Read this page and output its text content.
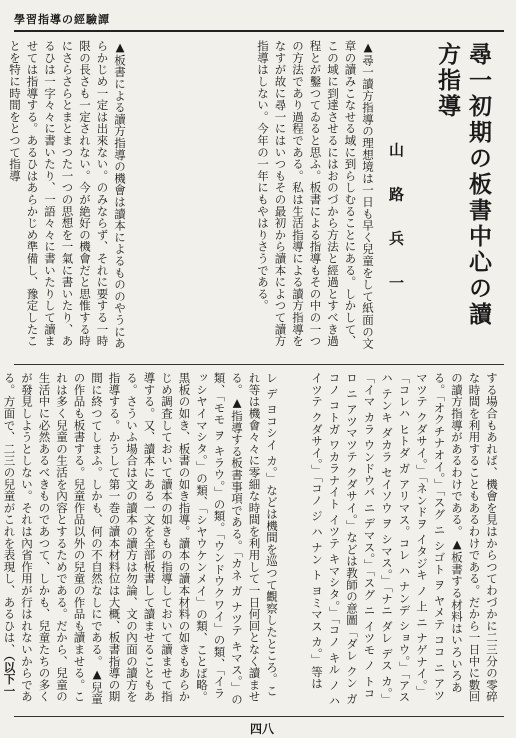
學習指導の經驗譚
尋一初期の板書中心の讀方指導
山 路 兵 一
▲尋一讀方指導の理想境は一日も早く兒童をして紙面の文章の讀みこなせる域に到らしむることにある。しかして、この域に到達させるにはおのづから方法と經過とすべき過程とが鑿つてゐると思ふ。板書による指導もその中の一つの方法であり過程である。私は生活指導による讀方指導をなすが故に尋一にはいつもその最初から讀本によつて讀方指導はしない。今年の一年にもやはりさうである。
▲板書による讀方指導の機會は讀本によるもののやうにあらかじめ一定は出來ない。のみならず、それに要する一時限の長さも一定されない。今が絶好の機會だと思惟する時にさらさらとまとまつた一つの思想を一氣に書いたり、あるひは一字々々に書いたり、一語々々に書いたりして讀ませては指導する。あるひはあらかじめ準備し、豫定したことを特に時間をとつて指導
する場合もあれば、機會を見はからつてわづかに二三分の零碎な時間を利用することもあるわけである。だから一日中に數回の讀方指導があるわけである。▲板書する材料はいろいろある。「オクチナオイ。」「スグ ニ シゴト ヲ ヤメテ ココ ニ アツマツテ クダサイ。」「ネンドヲ イタジキ ノ 上 ニ ナゲナイ。」「コレハ ヒトダ ガ アリマス。コレ ハ ナンデ ショウ。」「アスハ テンキ ダカラ セイソウ ヲ シマス。」「ナニ ダレ デス カ。」「イマ カラ ウンドウバ ニ デマス。」「スグ ニ イツモ ノ トコロ ニ アツマツテ クダサイ。」などは教師の意圖「ダレ クン ガ コノ コトガ ワカラナイト イツテ キマシタ。」「コノ キル ノ ハ イツテ クダサイ。」「コノ ジ ハ ナン ト ヨミマス カ。」等は
レ デ ヨコシイ カ。」などは機間を巡つて觀察したところ。これ等は機會々々に零細な時間を利用して一日何回となく讀ませる。▲指導する板書事項である。「カネ ガ ナツテ キマス。」の類、「モモ ヲ キラウ。」の類。「ウンドウクワイ」の類、「イラッシヤイマシタ。」の類、「シヤウケンメイ」の類、ことば略。黒板の如き、板書の如き指導。讀本の讀本材料の如きもあらかじめ調査しておいて讀本の如きもの指導しておいて讀ませて指導する。又、讀本にある一文を全部板書して讀ませることもある。さういふ場合は文の讀本の讀方は勿論、文の內面の讀方を指導する。かうして第一巻の讀本材料位は大概、板書指導の期間に終つてしまふ。しかも、何の不自然なしにである。▲兒童の作品も板書する。兒童作品以外の兒童の作品も讀ませる。これは多く兒童の生活を內容とするためである。だから、兒童の生活中に必然あるべきものであつて、しかも、兒童たちの多くが發見しようとしない。それは內省作用が行はれないからである。方面で、二三の兒童がこれを表現し、あるひは、（以下一
四八
